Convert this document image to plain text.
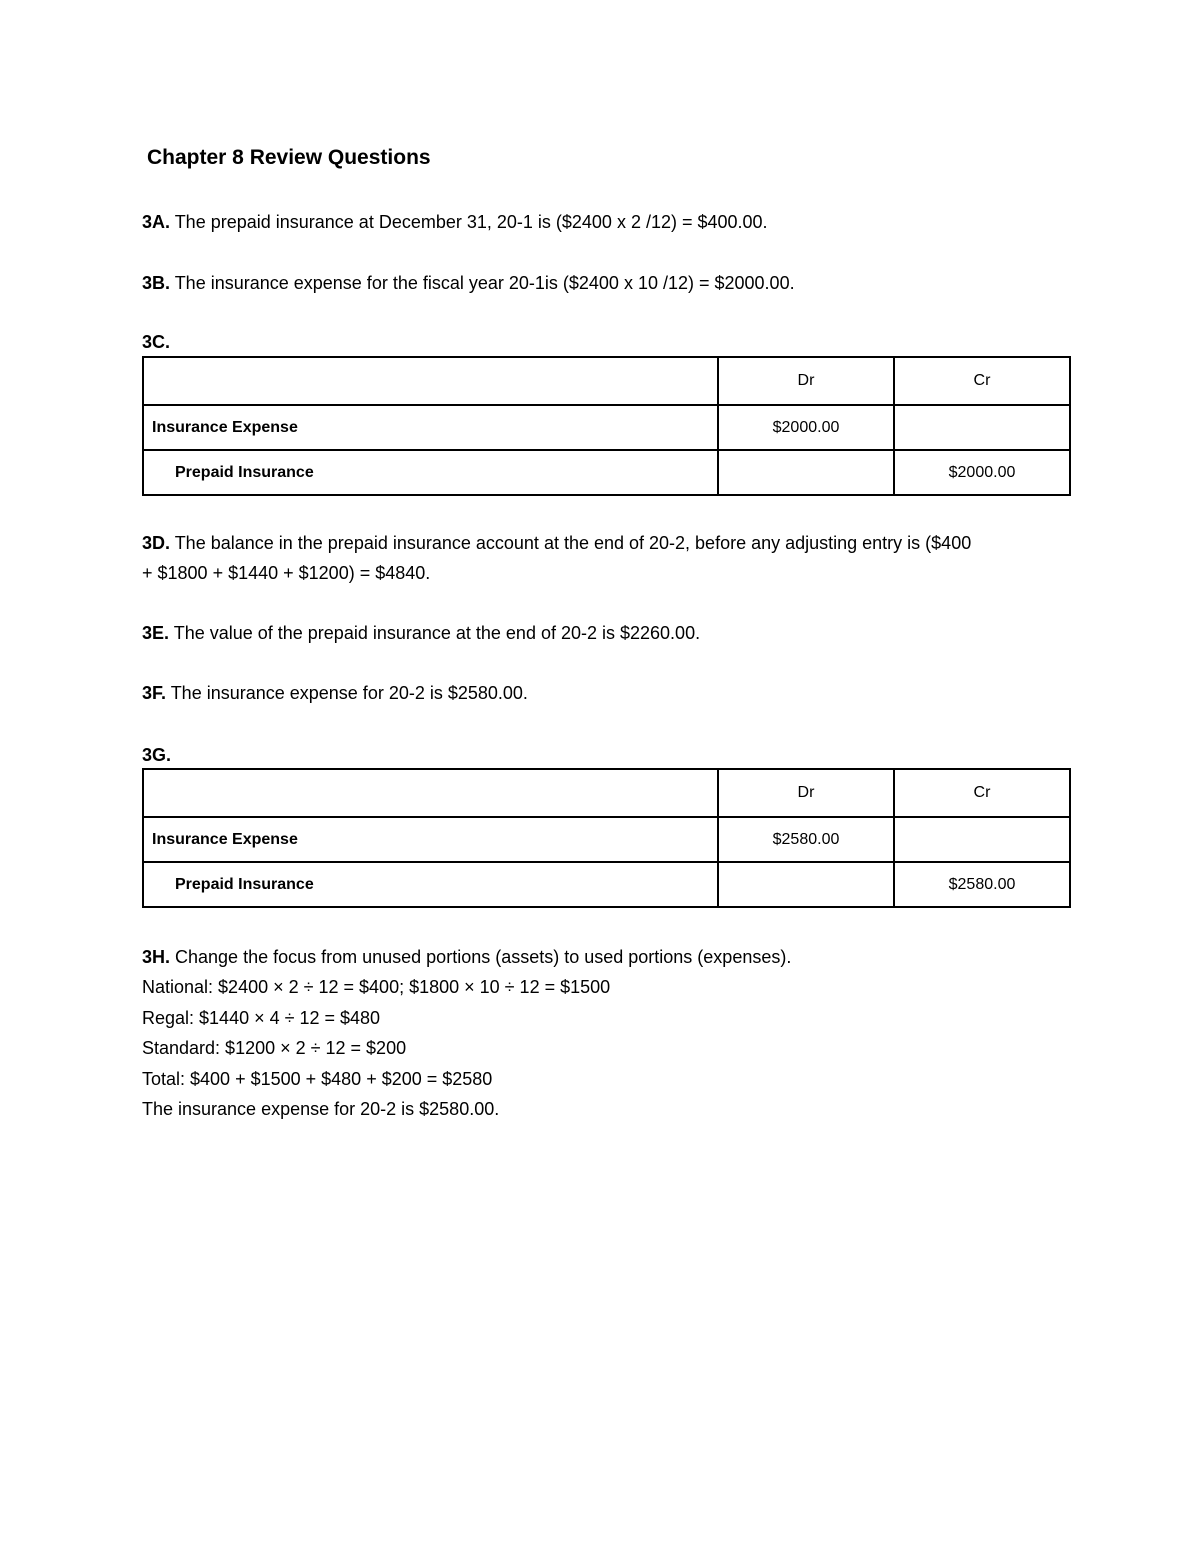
Chapter 8 Review Questions
3A. The prepaid insurance at December 31, 20-1 is ($2400 x 2 /12) = $400.00.
3B. The insurance expense for the fiscal year 20-1is ($2400 x 10 /12) = $2000.00.
3C.
	Dr	Cr
Insurance Expense	$2000.00	
Prepaid Insurance		$2000.00
3D. The balance in the prepaid insurance account at the end of 20-2, before any adjusting entry is ($400
+ $1800 + $1440 + $1200) = $4840.
3E. The value of the prepaid insurance at the end of 20-2 is $2260.00.
3F. The insurance expense for 20-2 is $2580.00.
3G.
	Dr	Cr
Insurance Expense	$2580.00	
Prepaid Insurance		$2580.00
3H. Change the focus from unused portions (assets) to used portions (expenses).
National: $2400 × 2 ÷ 12 = $400; $1800 × 10 ÷ 12 = $1500
Regal: $1440 × 4 ÷ 12 = $480
Standard: $1200 × 2 ÷ 12 = $200
Total: $400 + $1500 + $480 + $200 = $2580
The insurance expense for 20-2 is $2580.00.
